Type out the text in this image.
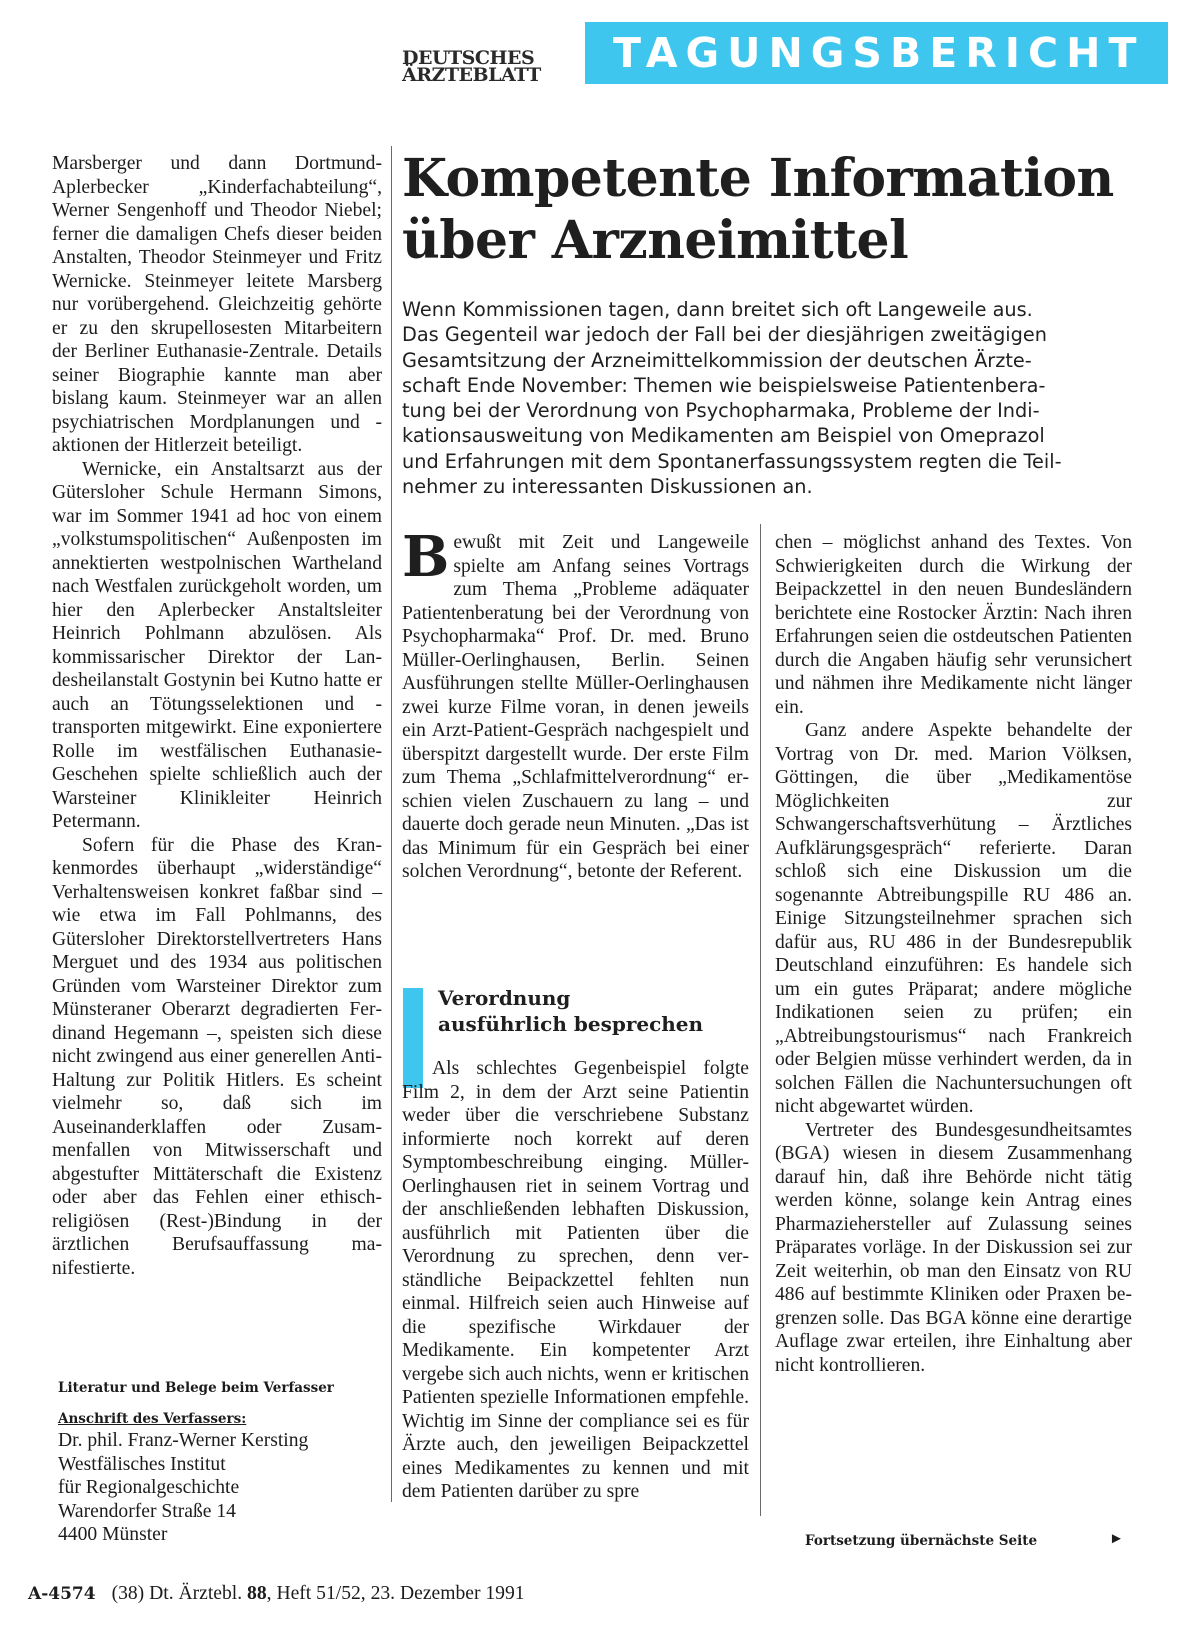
DEUTSCHES
ÄRZTEBLATT	TAGUNGSBERICHT

Marsberger und dann Dortmund-Aplerbecker „Kinderfachabteilung“, Werner Sengenhoff und Theodor Niebel; ferner die damaligen Chefs dieser beiden Anstalten, Theodor Steinmeyer und Fritz Wernicke. Steinmeyer leitete Marsberg nur vorübergehend. Gleichzeitig gehörte er zu den skrupellosesten Mitarbeitern der Berliner Euthanasie-Zentrale. Details seiner Biographie kannte man aber bislang kaum. Steinmeyer war an allen psychiatrischen Mordplanungen und -aktionen der Hitlerzeit beteiligt.

Wernicke, ein Anstaltsarzt aus der Gütersloher Schule Hermann Simons, war im Sommer 1941 ad hoc von einem „volkstumspolitischen“ Außenposten im annektierten westpolnischen Wartheland nach Westfalen zurückgeholt worden, um hier den Aplerbecker Anstaltsleiter Heinrich Pohlmann abzulösen. Als kommissarischer Direktor der Landesheilanstalt Gostynin bei Kutno hatte er auch an Tötungsselektionen und -transporten mitgewirkt. Eine exponiertere Rolle im westfälischen Euthanasie-Geschehen spielte schließlich auch der Warsteiner Klinikleiter Heinrich Petermann.

Sofern für die Phase des Krankenmordes überhaupt „widerständige“ Verhaltensweisen konkret faßbar sind – wie etwa im Fall Pohlmanns, des Gütersloher Direktorstellvertreters Hans Merguet und des 1934 aus politischen Gründen vom Warsteiner Direktor zum Münsteraner Oberarzt degradierten Ferdinand Hegemann –, speisten sich diese nicht zwingend aus einer generellen Anti-Haltung zur Politik Hitlers. Es scheint vielmehr so, daß sich im Auseinanderklaffen oder Zusammenfallen von Mitwisserschaft und abgestufter Mittäterschaft die Existenz oder aber das Fehlen einer ethisch-religiösen (Rest-)Bindung in der ärztlichen Berufsauffassung manifestierte.

Literatur und Belege beim Verfasser
Anschrift des Verfassers:
Dr. phil. Franz-Werner Kersting
Westfälisches Institut
für Regionalgeschichte
Warendorfer Straße 14
4400 Münster
Kompetente Information
über Arzneimittel
Wenn Kommissionen tagen, dann breitet sich oft Langeweile aus.
Das Gegenteil war jedoch der Fall bei der diesjährigen zweitägigen
Gesamtsitzung der Arzneimittelkommission der deutschen Ärzte-
schaft Ende November: Themen wie beispielsweise Patientenbera-
tung bei der Verordnung von Psychopharmaka, Probleme der Indi-
kationsausweitung von Medikamenten am Beispiel von Omeprazol
und Erfahrungen mit dem Spontanerfassungssystem regten die Teil-
nehmer zu interessanten Diskussionen an.

Bewußt mit Zeit und Langeweile spielte am Anfang seines Vortrags zum Thema „Probleme adäquater Patientenberatung bei der Verordnung von Psychopharmaka“ Prof. Dr. med. Bruno Müller-Oerlinghausen, Berlin. Seinen Ausführungen stellte Müller-Oerlinghausen zwei kurze Filme voran, in denen jeweils ein Arzt-Patient-Gespräch nachgespielt und überspitzt dargestellt wurde. Der erste Film zum Thema „Schlafmittelverordnung“ erschien vielen Zuschauern zu lang – und dauerte doch gerade neun Minuten. „Das ist das Minimum für ein Gespräch bei einer solchen Verordnung“, betonte der Referent.

Verordnung
ausführlich besprechen

Als schlechtes Gegenbeispiel folgte Film 2, in dem der Arzt seine Patientin weder über die verschriebene Substanz informierte noch korrekt auf deren Symptombeschreibung einging. Müller-Oerlinghausen riet in seinem Vortrag und der anschließenden lebhaften Diskussion, ausführlich mit Patienten über die Verordnung zu sprechen, denn verständliche Beipackzettel fehlten nun einmal. Hilfreich seien auch Hinweise auf die spezifische Wirkdauer der Medikamente. Ein kompetenter Arzt vergebe sich auch nichts, wenn er kritischen Patienten spezielle Informationen empfehle. Wichtig im Sinne der compliance sei es für Ärzte auch, den jeweiligen Beipackzettel eines Medikamentes zu kennen und mit dem Patienten darüber zu spre

chen – möglichst anhand des Textes. Von Schwierigkeiten durch die Wirkung der Beipackzettel in den neuen Bundesländern berichtete eine Rostocker Ärztin: Nach ihren Erfahrungen seien die ostdeutschen Patienten durch die Angaben häufig sehr verunsichert und nähmen ihre Medikamente nicht länger ein.

Ganz andere Aspekte behandelte der Vortrag von Dr. med. Marion Völksen, Göttingen, die über „Medikamentöse Möglichkeiten zur Schwangerschaftsverhütung – Ärztliches Aufklärungsgespräch“ referierte. Daran schloß sich eine Diskussion um die sogenannte Abtreibungspille RU 486 an. Einige Sitzungsteilnehmer sprachen sich dafür aus, RU 486 in der Bundesrepublik Deutschland einzuführen: Es handele sich um ein gutes Präparat; andere mögliche Indikationen seien zu prüfen; ein „Abtreibungstourismus“ nach Frankreich oder Belgien müsse verhindert werden, da in solchen Fällen die Nachuntersuchungen oft nicht abgewartet würden.

Vertreter des Bundesgesundheitsamtes (BGA) wiesen in diesem Zusammenhang darauf hin, daß ihre Behörde nicht tätig werden könne, solange kein Antrag eines Pharmaziehersteller auf Zulassung seines Präparates vorläge. In der Diskussion sei zur Zeit weiterhin, ob man den Einsatz von RU 486 auf bestimmte Kliniken oder Praxen begrenzen solle. Das BGA könne eine derartige Auflage zwar erteilen, ihre Einhaltung aber nicht kontrollieren.

Fortsetzung übernächste Seite	►
A-4574 (38) Dt. Ärztebl. 88, Heft 51/52, 23. Dezember 1991
